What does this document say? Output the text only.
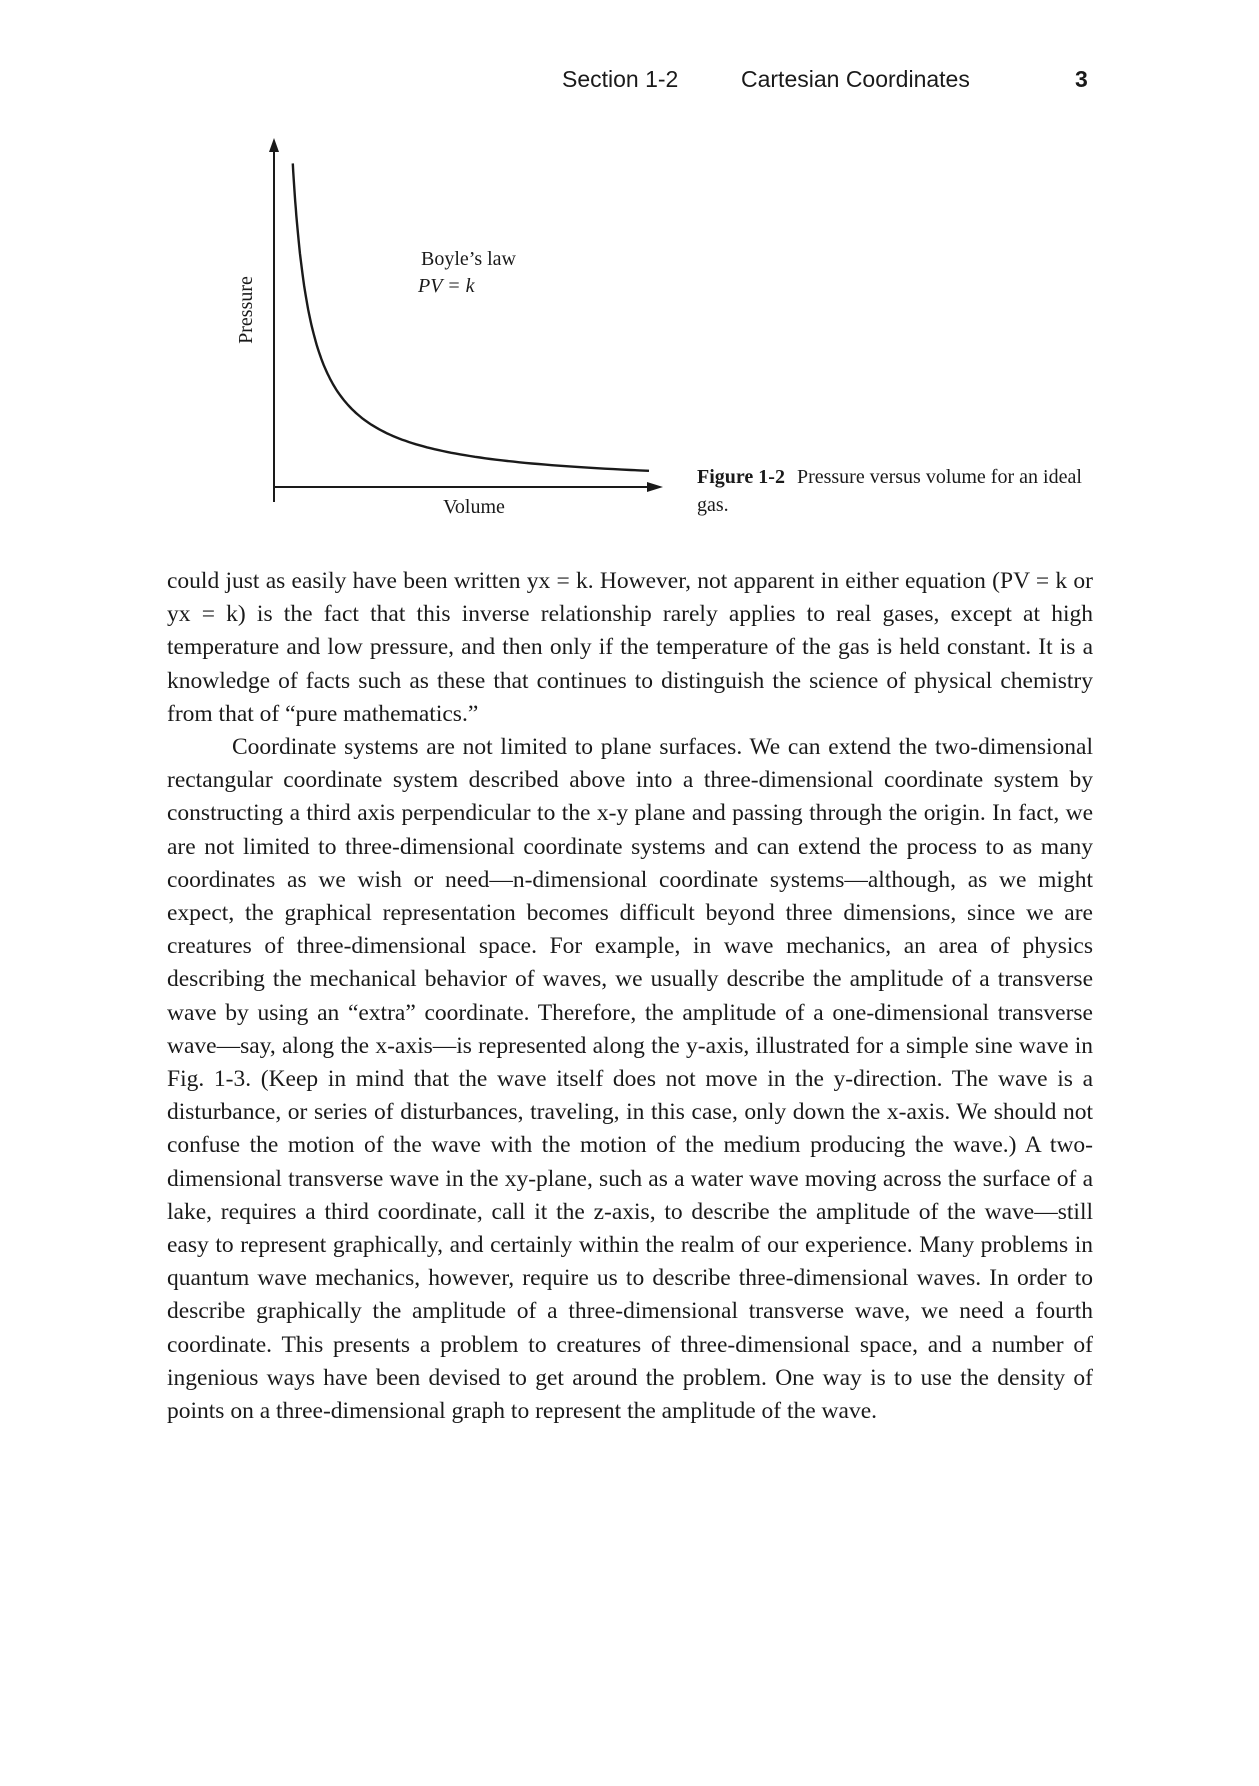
Section 1-2	Cartesian Coordinates	3
Boyle’s law
PV = k
Volume
Pressure
Figure 1-2 Pressure versus volume for an ideal gas.

could just as easily have been written yx = k. However, not apparent in either equation (PV = k or yx = k) is the fact that this inverse relationship rarely applies to real gases, except at high temperature and low pressure, and then only if the temperature of the gas is held constant. It is a knowledge of facts such as these that continues to distinguish the science of physical chemistry from that of “pure mathematics.”

Coordinate systems are not limited to plane surfaces. We can extend the two-dimensional rectangular coordinate system described above into a three-dimensional coordinate system by constructing a third axis perpendicular to the x-y plane and passing through the origin. In fact, we are not limited to three-dimensional coordinate systems and can extend the process to as many coordinates as we wish or need—n-dimensional coordinate systems—although, as we might expect, the graphical representation becomes difficult beyond three dimensions, since we are creatures of three-dimensional space. For example, in wave mechanics, an area of physics describing the mechanical behavior of waves, we usually describe the amplitude of a transverse wave by using an “extra” coordinate. Therefore, the amplitude of a one-dimensional transverse wave—say, along the x-axis—is represented along the y-axis, illustrated for a simple sine wave in Fig. 1-3. (Keep in mind that the wave itself does not move in the y-direction. The wave is a disturbance, or series of disturbances, traveling, in this case, only down the x-axis. We should not confuse the motion of the wave with the motion of the medium producing the wave.) A two-dimensional transverse wave in the xy-plane, such as a water wave moving across the surface of a lake, requires a third coordinate, call it the z-axis, to describe the amplitude of the wave—still easy to represent graphically, and certainly within the realm of our experience. Many problems in quantum wave mechanics, however, require us to describe three-dimensional waves. In order to describe graphically the amplitude of a three-dimensional transverse wave, we need a fourth coordinate. This presents a problem to creatures of three-dimensional space, and a number of ingenious ways have been devised to get around the problem. One way is to use the density of points on a three-dimensional graph to represent the amplitude of the wave.
